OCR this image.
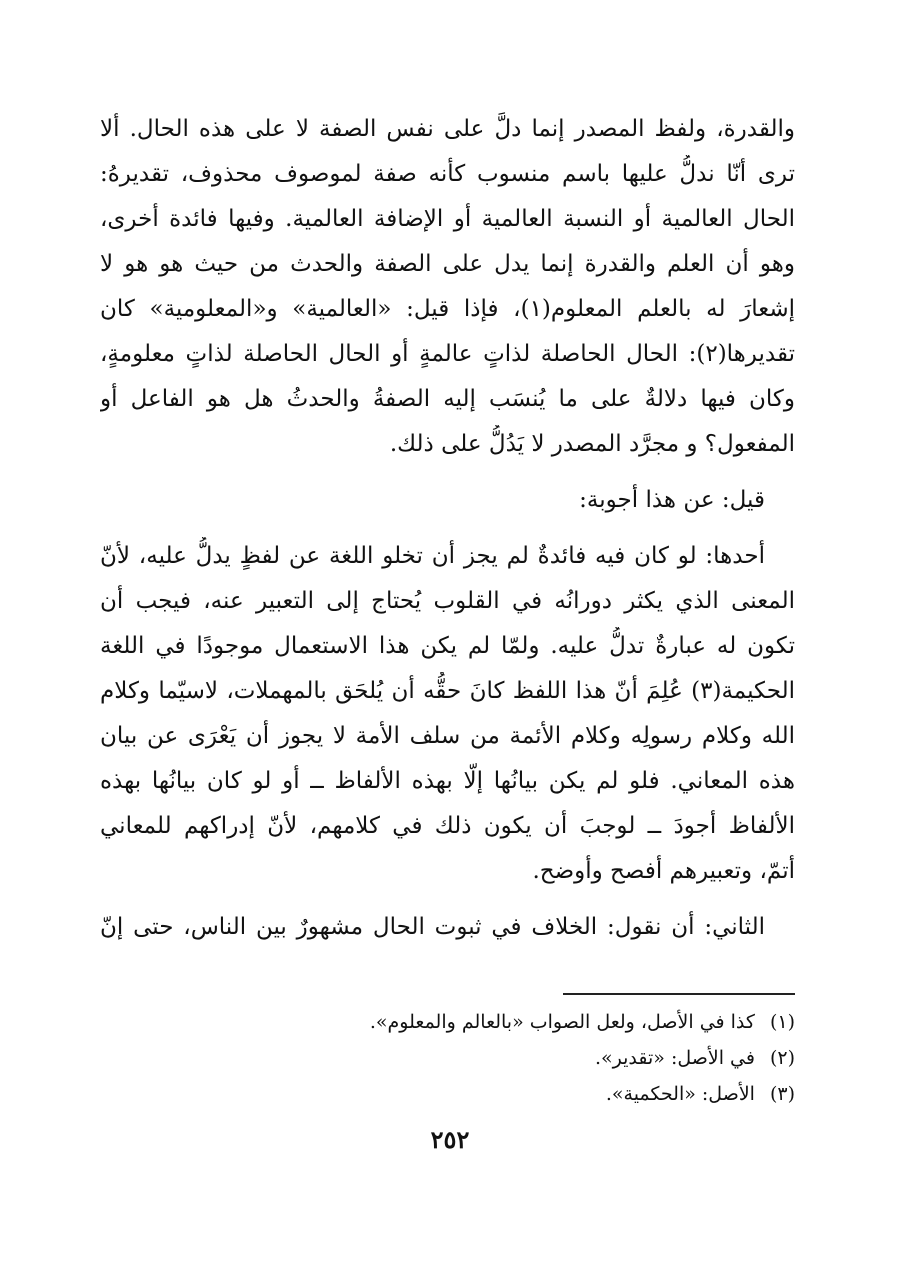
والقدرة، ولفظ المصدر إنما دلَّ على نفس الصفة لا على هذه الحال. ألا
ترى أنّا ندلُّ عليها باسم منسوب كأنه صفة لموصوف محذوف، تقديرهُ:
الحال العالمية أو النسبة العالمية أو الإضافة العالمية. وفيها فائدة أخرى،
وهو أن العلم والقدرة إنما يدل على الصفة والحدث من حيث هو هو لا
إشعارَ له بالعلم المعلوم(١)، فإذا قيل: «العالمية» و«المعلومية» كان
تقديرها(٢): الحال الحاصلة لذاتٍ عالمةٍ أو الحال الحاصلة لذاتٍ معلومةٍ،
وكان فيها دلالةٌ على ما يُنسَب إليه الصفةُ والحدثُ هل هو الفاعل أو
المفعول؟ و مجرَّد المصدر لا يَدُلُّ على ذلك.
قيل: عن هذا أجوبة:
أحدها: لو كان فيه فائدةٌ لم يجز أن تخلو اللغة عن لفظٍ يدلُّ عليه، لأنّ
المعنى الذي يكثر دورانُه في القلوب يُحتاج إلى التعبير عنه، فيجب أن
تكون له عبارةٌ تدلُّ عليه. ولمّا لم يكن هذا الاستعمال موجودًا في اللغة
الحكيمة(٣) عُلِمَ أنّ هذا اللفظ كانَ حقُّه أن يُلحَق بالمهملات، لاسيّما وكلام
الله وكلام رسولِه وكلام الأئمة من سلف الأمة لا يجوز أن يَعْرَى عن بيان
هذه المعاني. فلو لم يكن بيانُها إلّا بهذه الألفاظ ــ أو لو كان بيانُها بهذه
الألفاظ أجودَ ــ لوجبَ أن يكون ذلك في كلامهم، لأنّ إدراكهم للمعاني
أتمّ، وتعبيرهم أفصح وأوضح.
الثاني: أن نقول: الخلاف في ثبوت الحال مشهورٌ بين الناس، حتى إنّ
(١) كذا في الأصل، ولعل الصواب «بالعالم والمعلوم».
(٢) في الأصل: «تقدير».
(٣) الأصل: «الحكمية».
٢٥٢
